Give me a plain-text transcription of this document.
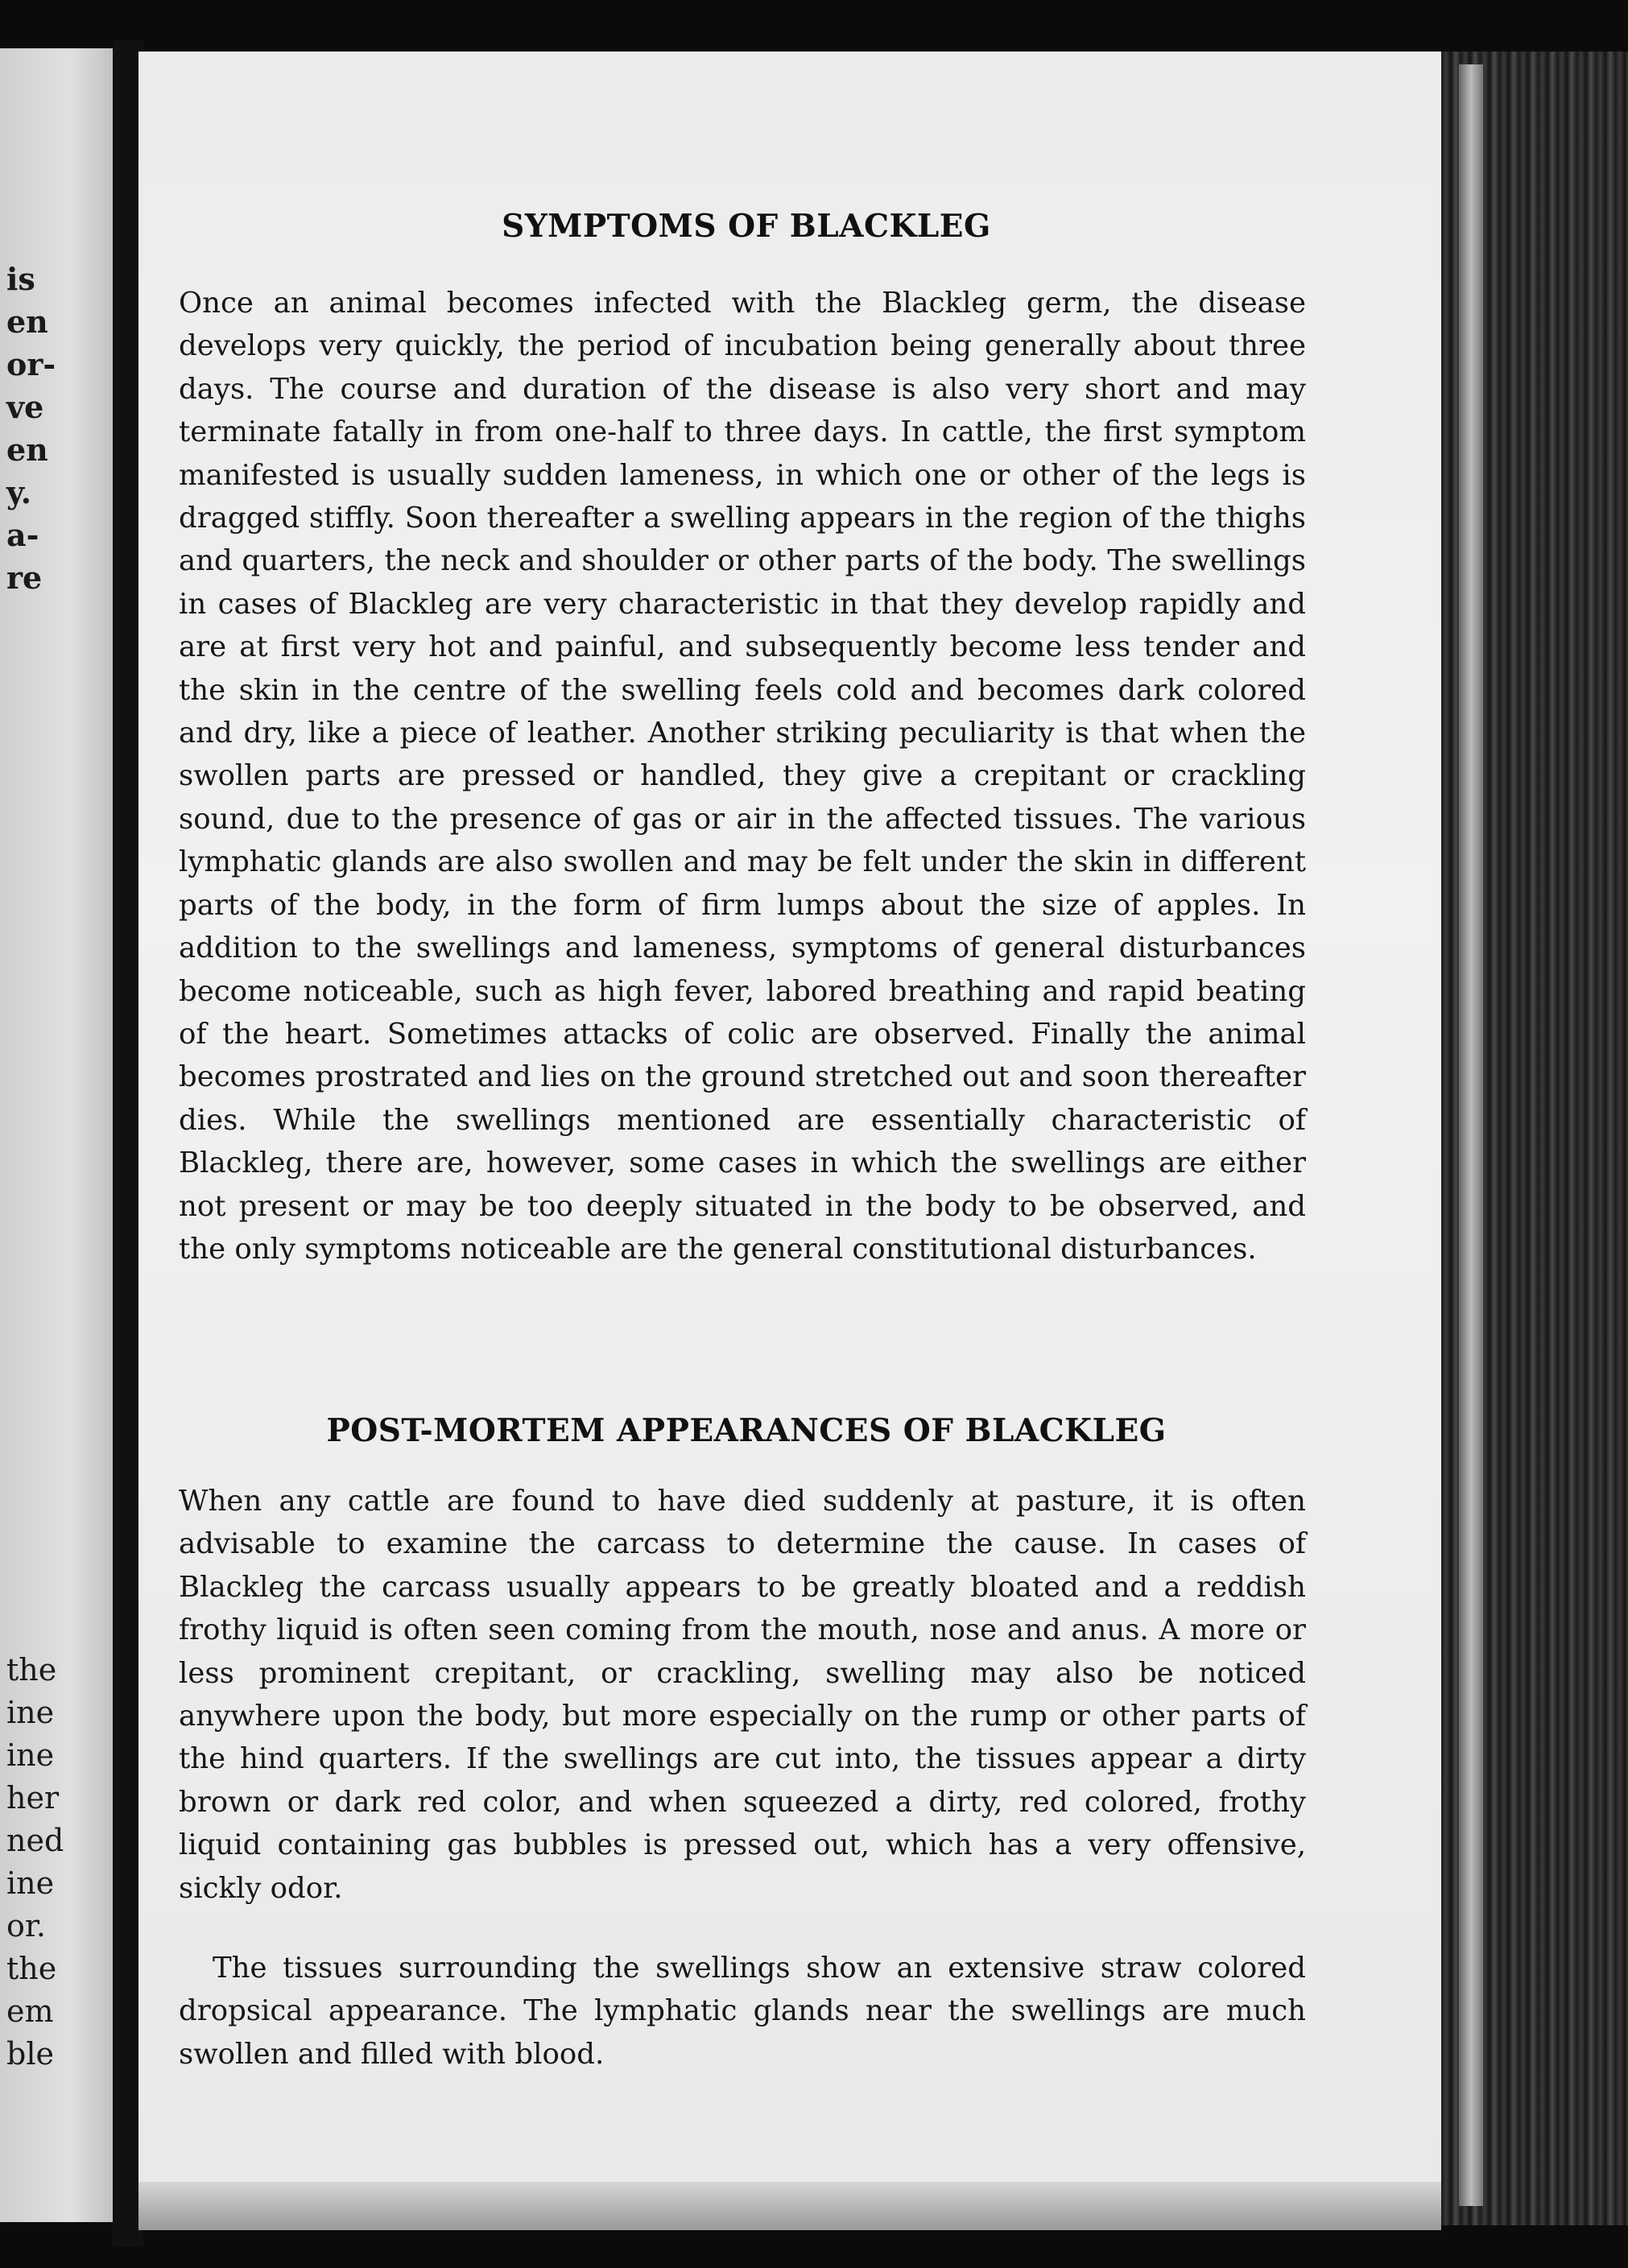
is
en
or-
ve
en
y.
a-
re
the
ine
ine
her
ned
ine
or.
the
em
ble
SYMPTOMS OF BLACKLEG

Once an animal becomes infected with the Blackleg germ, the disease develops very quickly, the period of incubation being generally about three days. The course and duration of the disease is also very short and may terminate fatally in from one-half to three days. In cattle, the first symptom manifested is usually sudden lameness, in which one or other of the legs is dragged stiffly. Soon thereafter a swelling appears in the region of the thighs and quarters, the neck and shoulder or other parts of the body. The swellings in cases of Blackleg are very characteristic in that they develop rapidly and are at first very hot and painful, and subsequently become less tender and the skin in the centre of the swelling feels cold and becomes dark colored and dry, like a piece of leather. Another striking peculiarity is that when the swollen parts are pressed or handled, they give a crepitant or crackling sound, due to the presence of gas or air in the affected tissues. The various lymphatic glands are also swollen and may be felt under the skin in different parts of the body, in the form of firm lumps about the size of apples. In addition to the swellings and lameness, symptoms of general disturbances become noticeable, such as high fever, labored breathing and rapid beating of the heart. Sometimes attacks of colic are observed. Finally the animal becomes prostrated and lies on the ground stretched out and soon thereafter dies. While the swellings mentioned are essentially characteristic of Blackleg, there are, however, some cases in which the swellings are either not present or may be too deeply situated in the body to be observed, and the only symptoms noticeable are the general constitutional disturbances.

POST-MORTEM APPEARANCES OF BLACKLEG

When any cattle are found to have died suddenly at pasture, it is often advisable to examine the carcass to determine the cause. In cases of Blackleg the carcass usually appears to be greatly bloated and a reddish frothy liquid is often seen coming from the mouth, nose and anus. A more or less prominent crepitant, or crackling, swelling may also be noticed anywhere upon the body, but more especially on the rump or other parts of the hind quarters. If the swellings are cut into, the tissues appear a dirty brown or dark red color, and when squeezed a dirty, red colored, frothy liquid containing gas bubbles is pressed out, which has a very offensive, sickly odor.

The tissues surrounding the swellings show an extensive straw colored dropsical appearance. The lymphatic glands near the swellings are much swollen and filled with blood.
